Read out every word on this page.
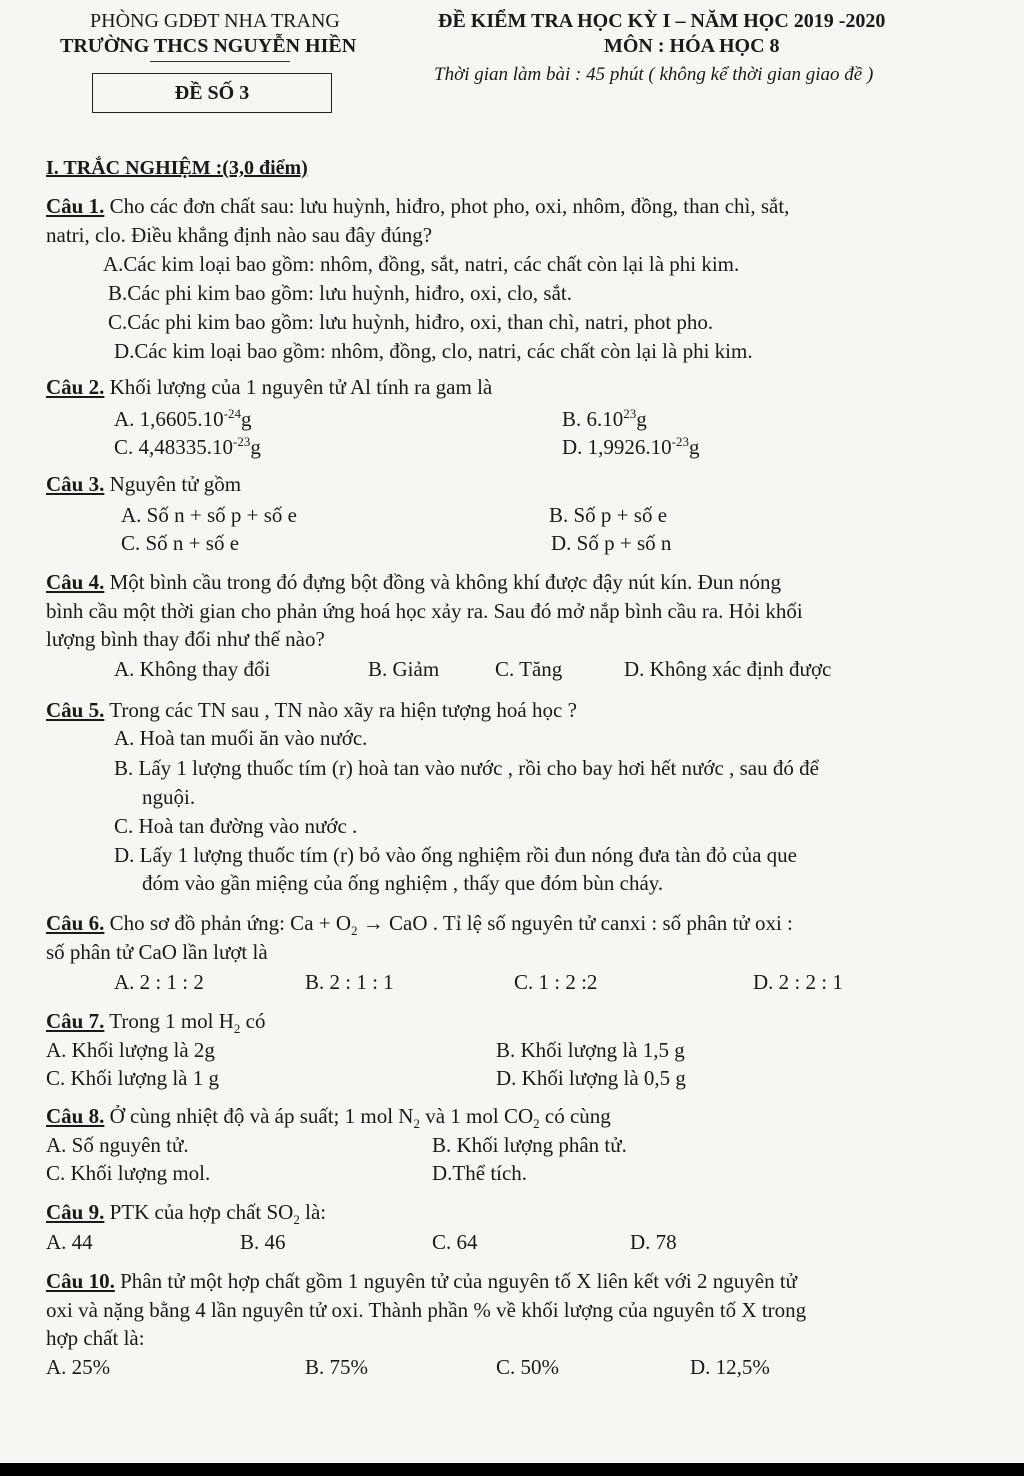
PHÒNG GDĐT NHA TRANG
TRƯỜNG THCS NGUYỄN HIỀN
ĐỀ KIỂM TRA HỌC KỲ I – NĂM HỌC 2019 -2020
MÔN : HÓA HỌC 8
Thời gian làm bài : 45 phút ( không kể thời gian giao đề )
ĐỀ SỐ 3
I. TRẮC NGHIỆM :(3,0 điểm)
Câu 1. Cho các đơn chất sau: lưu huỳnh, hiđro, phot pho, oxi, nhôm, đồng, than chì, sắt,
natri, clo. Điều khẳng định nào sau đây đúng?
A.Các kim loại bao gồm: nhôm, đồng, sắt, natri, các chất còn lại là phi kim.
B.Các phi kim bao gồm: lưu huỳnh, hiđro, oxi, clo, sắt.
C.Các phi kim bao gồm: lưu huỳnh, hiđro, oxi, than chì, natri, phot pho.
D.Các kim loại bao gồm: nhôm, đồng, clo, natri, các chất còn lại là phi kim.
Câu 2. Khối lượng của 1 nguyên tử Al tính ra gam là
A. $1,6605.10^{-24}g$	B. 6.10$^{23}$g
C. $4,48335.10^{-23}g$	D. $1,9926.10^{-23}g$
Câu 3. Nguyên tử gồm
A. Số n + số p + số e	B. Số p + số e
C. Số n + số e	D. Số p + số n
Câu 4. Một bình cầu trong đó đựng bột đồng và không khí được đậy nút kín. Đun nóng
bình cầu một thời gian cho phản ứng hoá học xảy ra. Sau đó mở nắp bình cầu ra. Hỏi khối
lượng bình thay đổi như thế nào?
A. Không thay đổi	B. Giảm	C. Tăng	D. Không xác định được
Câu 5. Trong các TN sau , TN nào xãy ra hiện tượng hoá học ?
A. Hoà tan muối ăn vào nước.
B. Lấy 1 lượng thuốc tím (r) hoà tan vào nước , rồi cho bay hơi hết nước , sau đó để
nguội.
C. Hoà tan đường vào nước .
D. Lấy 1 lượng thuốc tím (r) bỏ vào ống nghiệm rồi đun nóng đưa tàn đỏ của que
đóm vào gần miệng của ống nghiệm , thấy que đóm bùn cháy.
Câu 6. Cho sơ đồ phản ứng: $Ca + O_2$ → CaO . Tỉ lệ số nguyên tử canxi : số phân tử oxi :
số phân tử CaO lần lượt là
A. 2 : 1 : 2	B. 2 : 1 : 1	C. 1 : 2 :2	D. 2 : 2 : 1
Câu 7. Trong 1 mol $H_2$ có
A. Khối lượng là 2g	B. Khối lượng là 1,5 g
C. Khối lượng là 1 g	D. Khối lượng là 0,5 g
Câu 8. Ở cùng nhiệt độ và áp suất; 1 mol $N_2$ và 1 mol $CO_2$ có cùng
A. Số nguyên tử.	B. Khối lượng phân tử.
C. Khối lượng mol.	D.Thể tích.
Câu 9. PTK của hợp chất $SO_2$ là:
A. 44	B. 46	C. 64	D. 78
Câu 10. Phân tử một hợp chất gồm 1 nguyên tử của nguyên tố X liên kết với 2 nguyên tử
oxi và nặng bằng 4 lần nguyên tử oxi. Thành phần % về khối lượng của nguyên tố X trong
hợp chất là:
A. 25%	B. 75%	C. 50%	D. 12,5%
